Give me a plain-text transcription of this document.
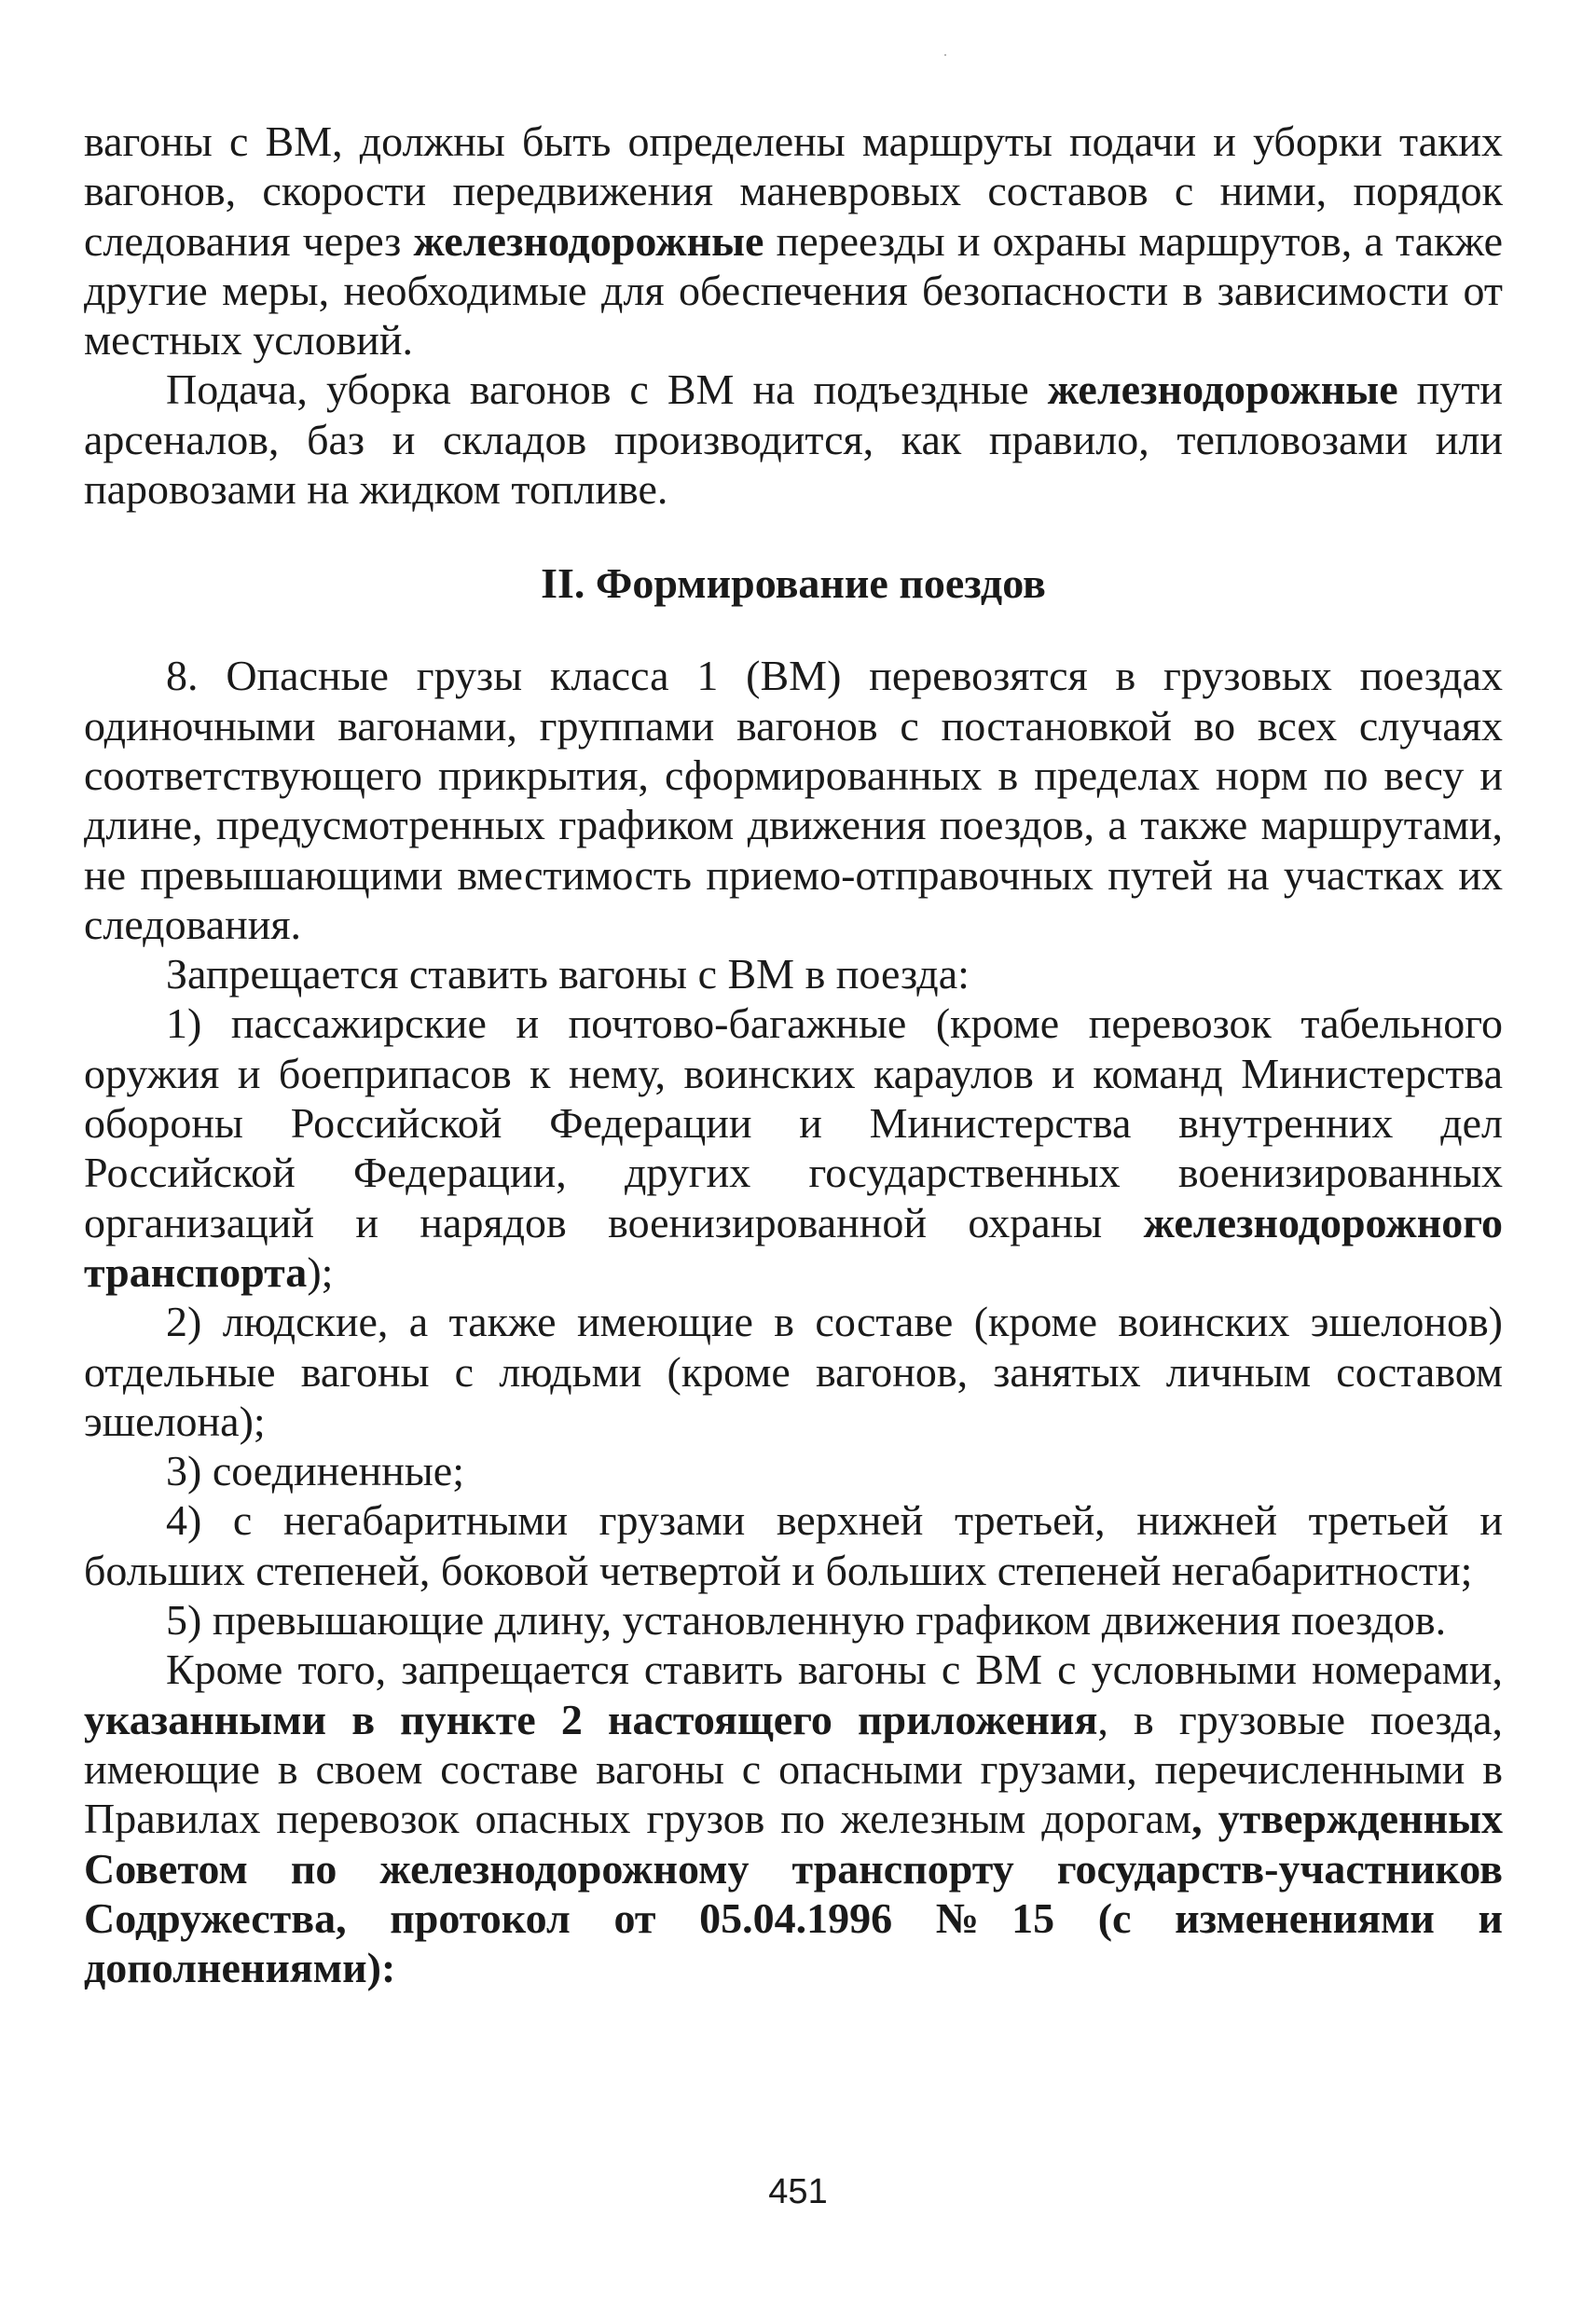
вагоны с ВМ, должны быть определены маршруты подачи и уборки таких вагонов, скорости передвижения маневровых составов с ними, порядок следования через железнодорожные переезды и охраны маршрутов, а также другие меры, необходимые для обеспечения безопасности в зависимости от местных условий.

Подача, уборка вагонов с ВМ на подъездные железнодорожные пути арсеналов, баз и складов производится, как правило, тепловозами или паровозами на жидком топливе.

II. Формирование поездов

8. Опасные грузы класса 1 (ВМ) перевозятся в грузовых поездах одиночными вагонами, группами вагонов с постановкой во всех случаях соответствующего прикрытия, сформированных в пределах норм по весу и длине, предусмотренных графиком движения поездов, а также маршрутами, не превышающими вместимость приемо-отправочных путей на участках их следования.

Запрещается ставить вагоны с ВМ в поезда:

1) пассажирские и почтово-багажные (кроме перевозок табельного оружия и боеприпасов к нему, воинских караулов и команд Министерства обороны Российской Федерации и Министерства внутренних дел Российской Федерации, других государственных военизированных организаций и нарядов военизированной охраны железнодорожного транспорта);

2) людские, а также имеющие в составе (кроме воинских эшелонов) отдельные вагоны с людьми (кроме вагонов, занятых личным составом эшелона);

3) соединенные;

4) с негабаритными грузами верхней третьей, нижней третьей и больших степеней, боковой четвертой и больших степеней негабаритности;

5) превышающие длину, установленную графиком движения поездов.

Кроме того, запрещается ставить вагоны с ВМ с условными номерами, указанными в пункте 2 настоящего приложения, в грузовые поезда, имеющие в своем составе вагоны с опасными грузами, перечисленными в Правилах перевозок опасных грузов по железным дорогам, утвержденных Советом по железнодорожному транспорту государств-участников Содружества, протокол от 05.04.1996 №15 (с изменениями и дополнениями):

451
